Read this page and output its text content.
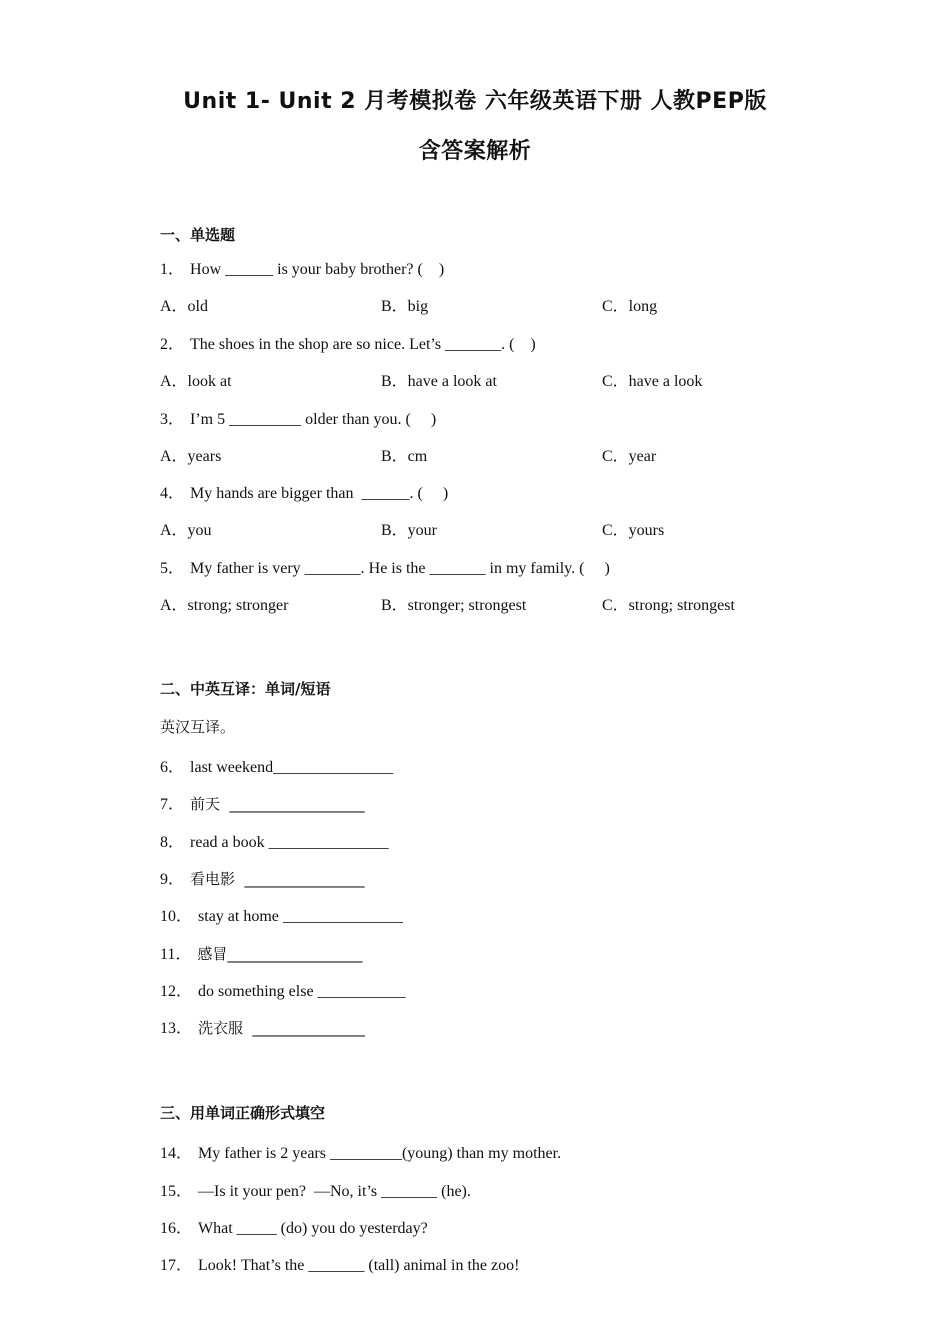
Unit 1- Unit 2 月考模拟卷 六年级英语下册 人教PEP版
含答案解析
一、单选题
1． How ______ is your baby brother? (    )
A．old	B．big	C．long
2． The shoes in the shop are so nice. Let’s _______. (    )
A．look at	B．have a look at	C．have a look
3． I’m 5 _________ older than you. (     )
A．years	B．cm	C．year
4． My hands are bigger than  ______. (     )
A．you	B．your	C．yours
5． My father is very _______. He is the _______ in my family. (     )
A．strong; stronger	B．stronger; strongest	C．strong; strongest
二、中英互译：单词/短语
英汉互译。
6． last weekend_______________
7． 前天  __________________
8． read a book _______________
9． 看电影  ________________
10． stay at home _______________
11． 感冒__________________
12． do something else ___________
13． 洗衣服  _______________
三、用单词正确形式填空
14． My father is 2 years _________(young) than my mother.
15． —Is it your pen?  —No, it’s _______ (he).
16． What _____ (do) you do yesterday?
17． Look! That’s the _______ (tall) animal in the zoo!
